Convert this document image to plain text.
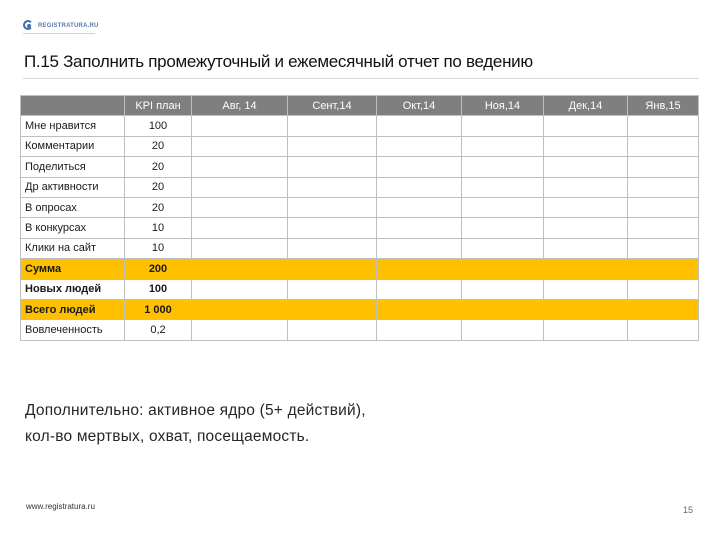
REGISTRATURA.RU
П.15 Заполнить промежуточный и ежемесячный отчет по ведению
	KPI план	Авг, 14	Сент,14	Окт,14	Ноя,14	Дек,14	Янв,15
Мне нравится	100						
Комментарии	20						
Поделиться	20						
Др активности	20						
В опросах	20						
В конкурсах	10						
Клики на сайт	10						
Сумма	200						
Новых людей	100						
Всего людей	1 000						
Вовлеченность	0,2						
Дополнительно: активное ядро (5+ действий),
кол-во мертвых, охват, посещаемость.
www.registratura.ru	15
